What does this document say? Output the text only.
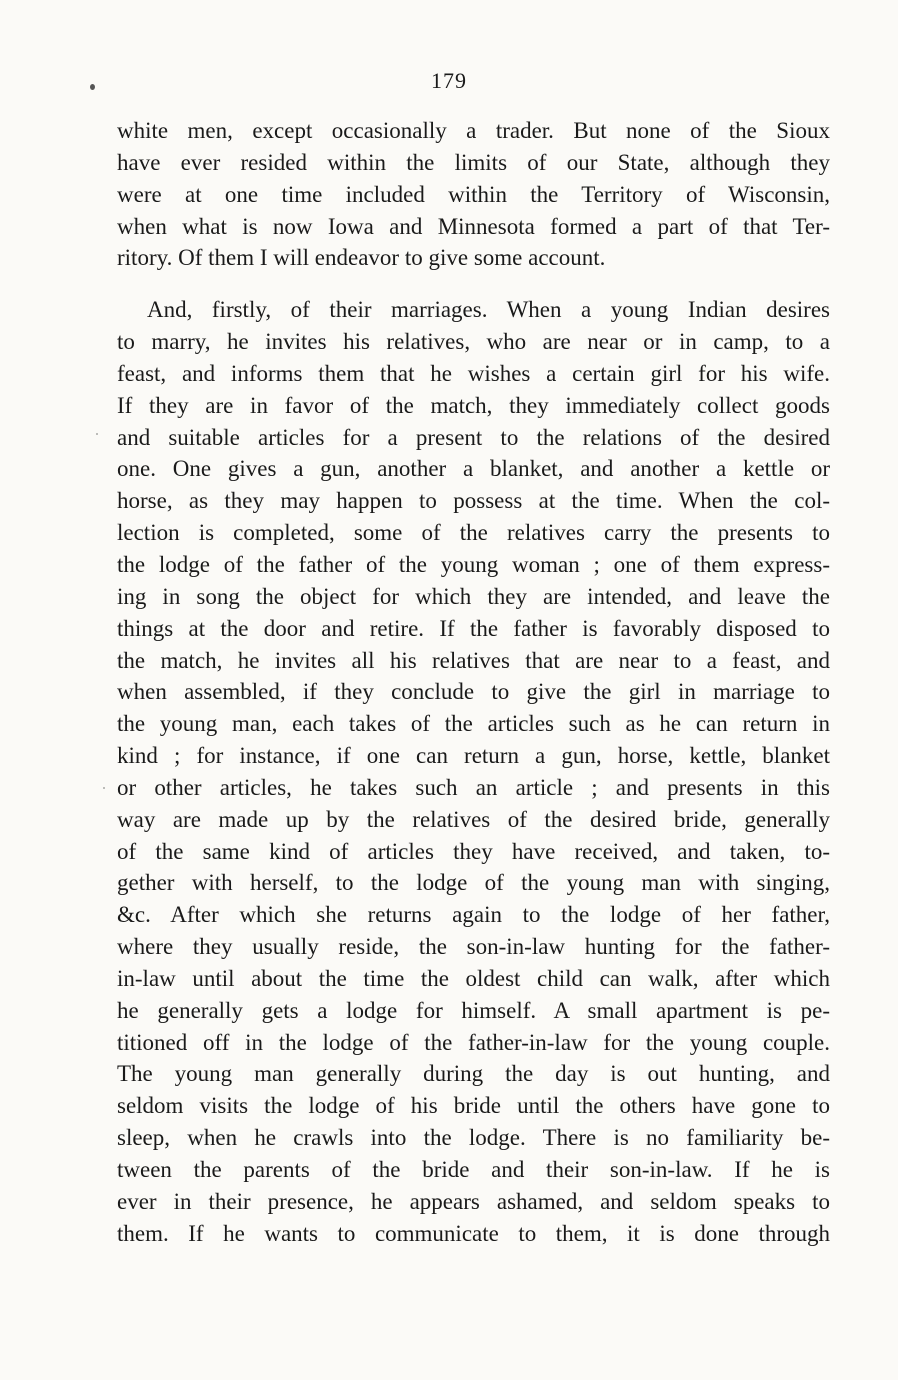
179
white men, except occasionally a trader. But none of the Sioux
have ever resided within the limits of our State, although they
were at one time included within the Territory of Wisconsin,
when what is now Iowa and Minnesota formed a part of that Ter-
ritory. Of them I will endeavor to give some account.
And, firstly, of their marriages. When a young Indian desires
to marry, he invites his relatives, who are near or in camp, to a
feast, and informs them that he wishes a certain girl for his wife.
If they are in favor of the match, they immediately collect goods
and suitable articles for a present to the relations of the desired
one. One gives a gun, another a blanket, and another a kettle or
horse, as they may happen to possess at the time. When the col-
lection is completed, some of the relatives carry the presents to
the lodge of the father of the young woman ; one of them express-
ing in song the object for which they are intended, and leave the
things at the door and retire. If the father is favorably disposed to
the match, he invites all his relatives that are near to a feast, and
when assembled, if they conclude to give the girl in marriage to
the young man, each takes of the articles such as he can return in
kind ; for instance, if one can return a gun, horse, kettle, blanket
or other articles, he takes such an article ; and presents in this
way are made up by the relatives of the desired bride, generally
of the same kind of articles they have received, and taken, to-
gether with herself, to the lodge of the young man with singing,
&c. After which she returns again to the lodge of her father,
where they usually reside, the son-in-law hunting for the father-
in-law until about the time the oldest child can walk, after which
he generally gets a lodge for himself. A small apartment is pe-
titioned off in the lodge of the father-in-law for the young couple.
The young man generally during the day is out hunting, and
seldom visits the lodge of his bride until the others have gone to
sleep, when he crawls into the lodge. There is no familiarity be-
tween the parents of the bride and their son-in-law. If he is
ever in their presence, he appears ashamed, and seldom speaks to
them. If he wants to communicate to them, it is done through
